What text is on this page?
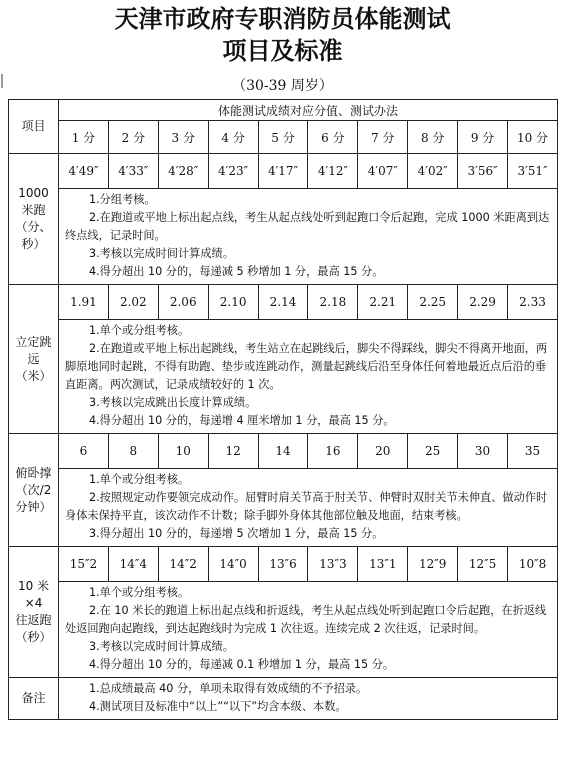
天津市政府专职消防员体能测试
项目及标准
（30-39 周岁）
项目	体能测试成绩对应分值、测试办法									
	1 分	2 分	3 分	4 分	5 分	6 分	7 分	8 分	9 分	10 分

1000
米跑
（分、
秒）	4′49″	4′33″	4′28″	4′23″	4′17″	4′12″	4′07″	4′02″	3′56″	3′51″

	1.分组考核。
2.在跑道或平地上标出起点线，考生从起点线处听到起跑口令后起跑，完成 1000 米距离到达终点线，记录时间。
3.考核以完成时间计算成绩。
4.得分超出 10 分的，每递减 5 秒增加 1 分，最高 15 分。									

立定跳
远
（米）	1.91	2.02	2.06	2.10	2.14	2.18	2.21	2.25	2.29	2.33

	1.单个或分组考核。
2.在跑道或平地上标出起跳线，考生站立在起跳线后，脚尖不得踩线，脚尖不得离开地面，两脚原地同时起跳，不得有助跑、垫步或连跳动作，测量起跳线后沿至身体任何着地最近点后沿的垂直距离。两次测试，记录成绩较好的 1 次。
3.考核以完成跳出长度计算成绩。
4.得分超出 10 分的，每递增 4 厘米增加 1 分，最高 15 分。									

俯卧撑
（次/2
分钟）	6	8	10	12	14	16	20	25	30	35

	1.单个或分组考核。
2.按照规定动作要领完成动作。屈臂时肩关节高于肘关节、伸臂时双肘关节未伸直、做动作时身体未保持平直，该次动作不计数；除手脚外身体其他部位触及地面，结束考核。
3.得分超出 10 分的，每递增 5 次增加 1 分，最高 15 分。									

10 米
×4
往返跑
（秒）	15″2	14″4	14″2	14″0	13″6	13″3	13″1	12″9	12″5	10″8

	1.单个或分组考核。
2.在 10 米长的跑道上标出起点线和折返线，考生从起点线处听到起跑口令后起跑，在折返线处返回跑向起跑线，到达起跑线时为完成 1 次往返。连续完成 2 次往返，记录时间。
3.考核以完成时间计算成绩。
4.得分超出 10 分的，每递减 0.1 秒增加 1 分，最高 15 分。									

备注	1.总成绩最高 40 分，单项未取得有效成绩的不予招录。
4.测试项目及标准中“以上”“以下”均含本级、本数。									
